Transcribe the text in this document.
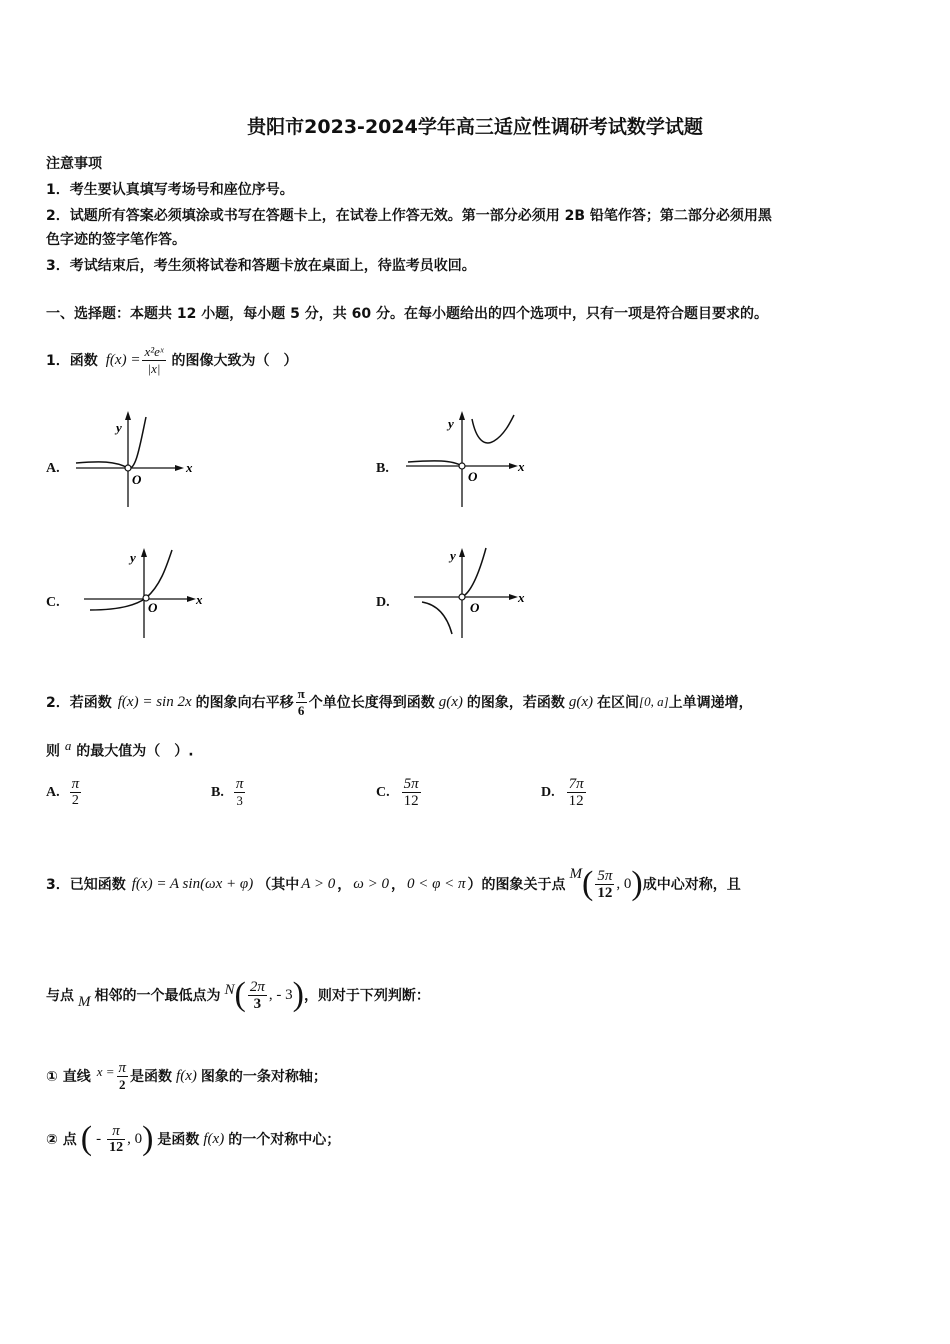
贵阳市2023-2024学年高三适应性调研考试数学试题
注意事项
1．考生要认真填写考场号和座位序号。
2．试题所有答案必须填涂或书写在答题卡上，在试卷上作答无效。第一部分必须用 2B 铅笔作答；第二部分必须用黑
色字迹的签字笔作答。
3．考试结束后，考生须将试卷和答题卡放在桌面上，待监考员收回。
一、选择题：本题共 12 小题，每小题 5 分，共 60 分。在每小题给出的四个选项中，只有一项是符合题目要求的。
1．函数 $f(x) = \frac{\text{x²eˣ}}{|x|}$ 的图像大致为（　）
A.
y
x
O
B.
y
x
O
C.
y
x
O	D.
y
x
O
2．若函数 f(x) = sin 2x 的图象向右平移 $\frac{\pi}{6}$ 个单位长度得到函数 g(x) 的图象，若函数 g(x) 在区间 [0, a] 上单调递增，
则 $^a$ 的最大值为（　）.
A. $\frac{\pi}{2}$	B. $\frac{\pi}{3}$	C. $\frac{5\pi}{12}$	D. $\frac{7\pi}{12}$
3．已知函数 f(x) = A sin(ωx + φ) （其中 A > 0 ， ω > 0 ， 0 < φ < π ）的图象关于点
M ( $\frac{5\pi}{12}$ , 0 ) 成中心对称，且
与点 M 相邻的一个最低点为 N ( $\frac{2\pi}{3}$ , - 3 ) ，则对于下列判断：
① 直线 $x = \frac{\pi}{2}$ 是函数 f(x) 图象的一条对称轴；
② 点 ( - $\frac{\pi}{12}$ , 0 ) 是函数 f(x) 的一个对称中心；
